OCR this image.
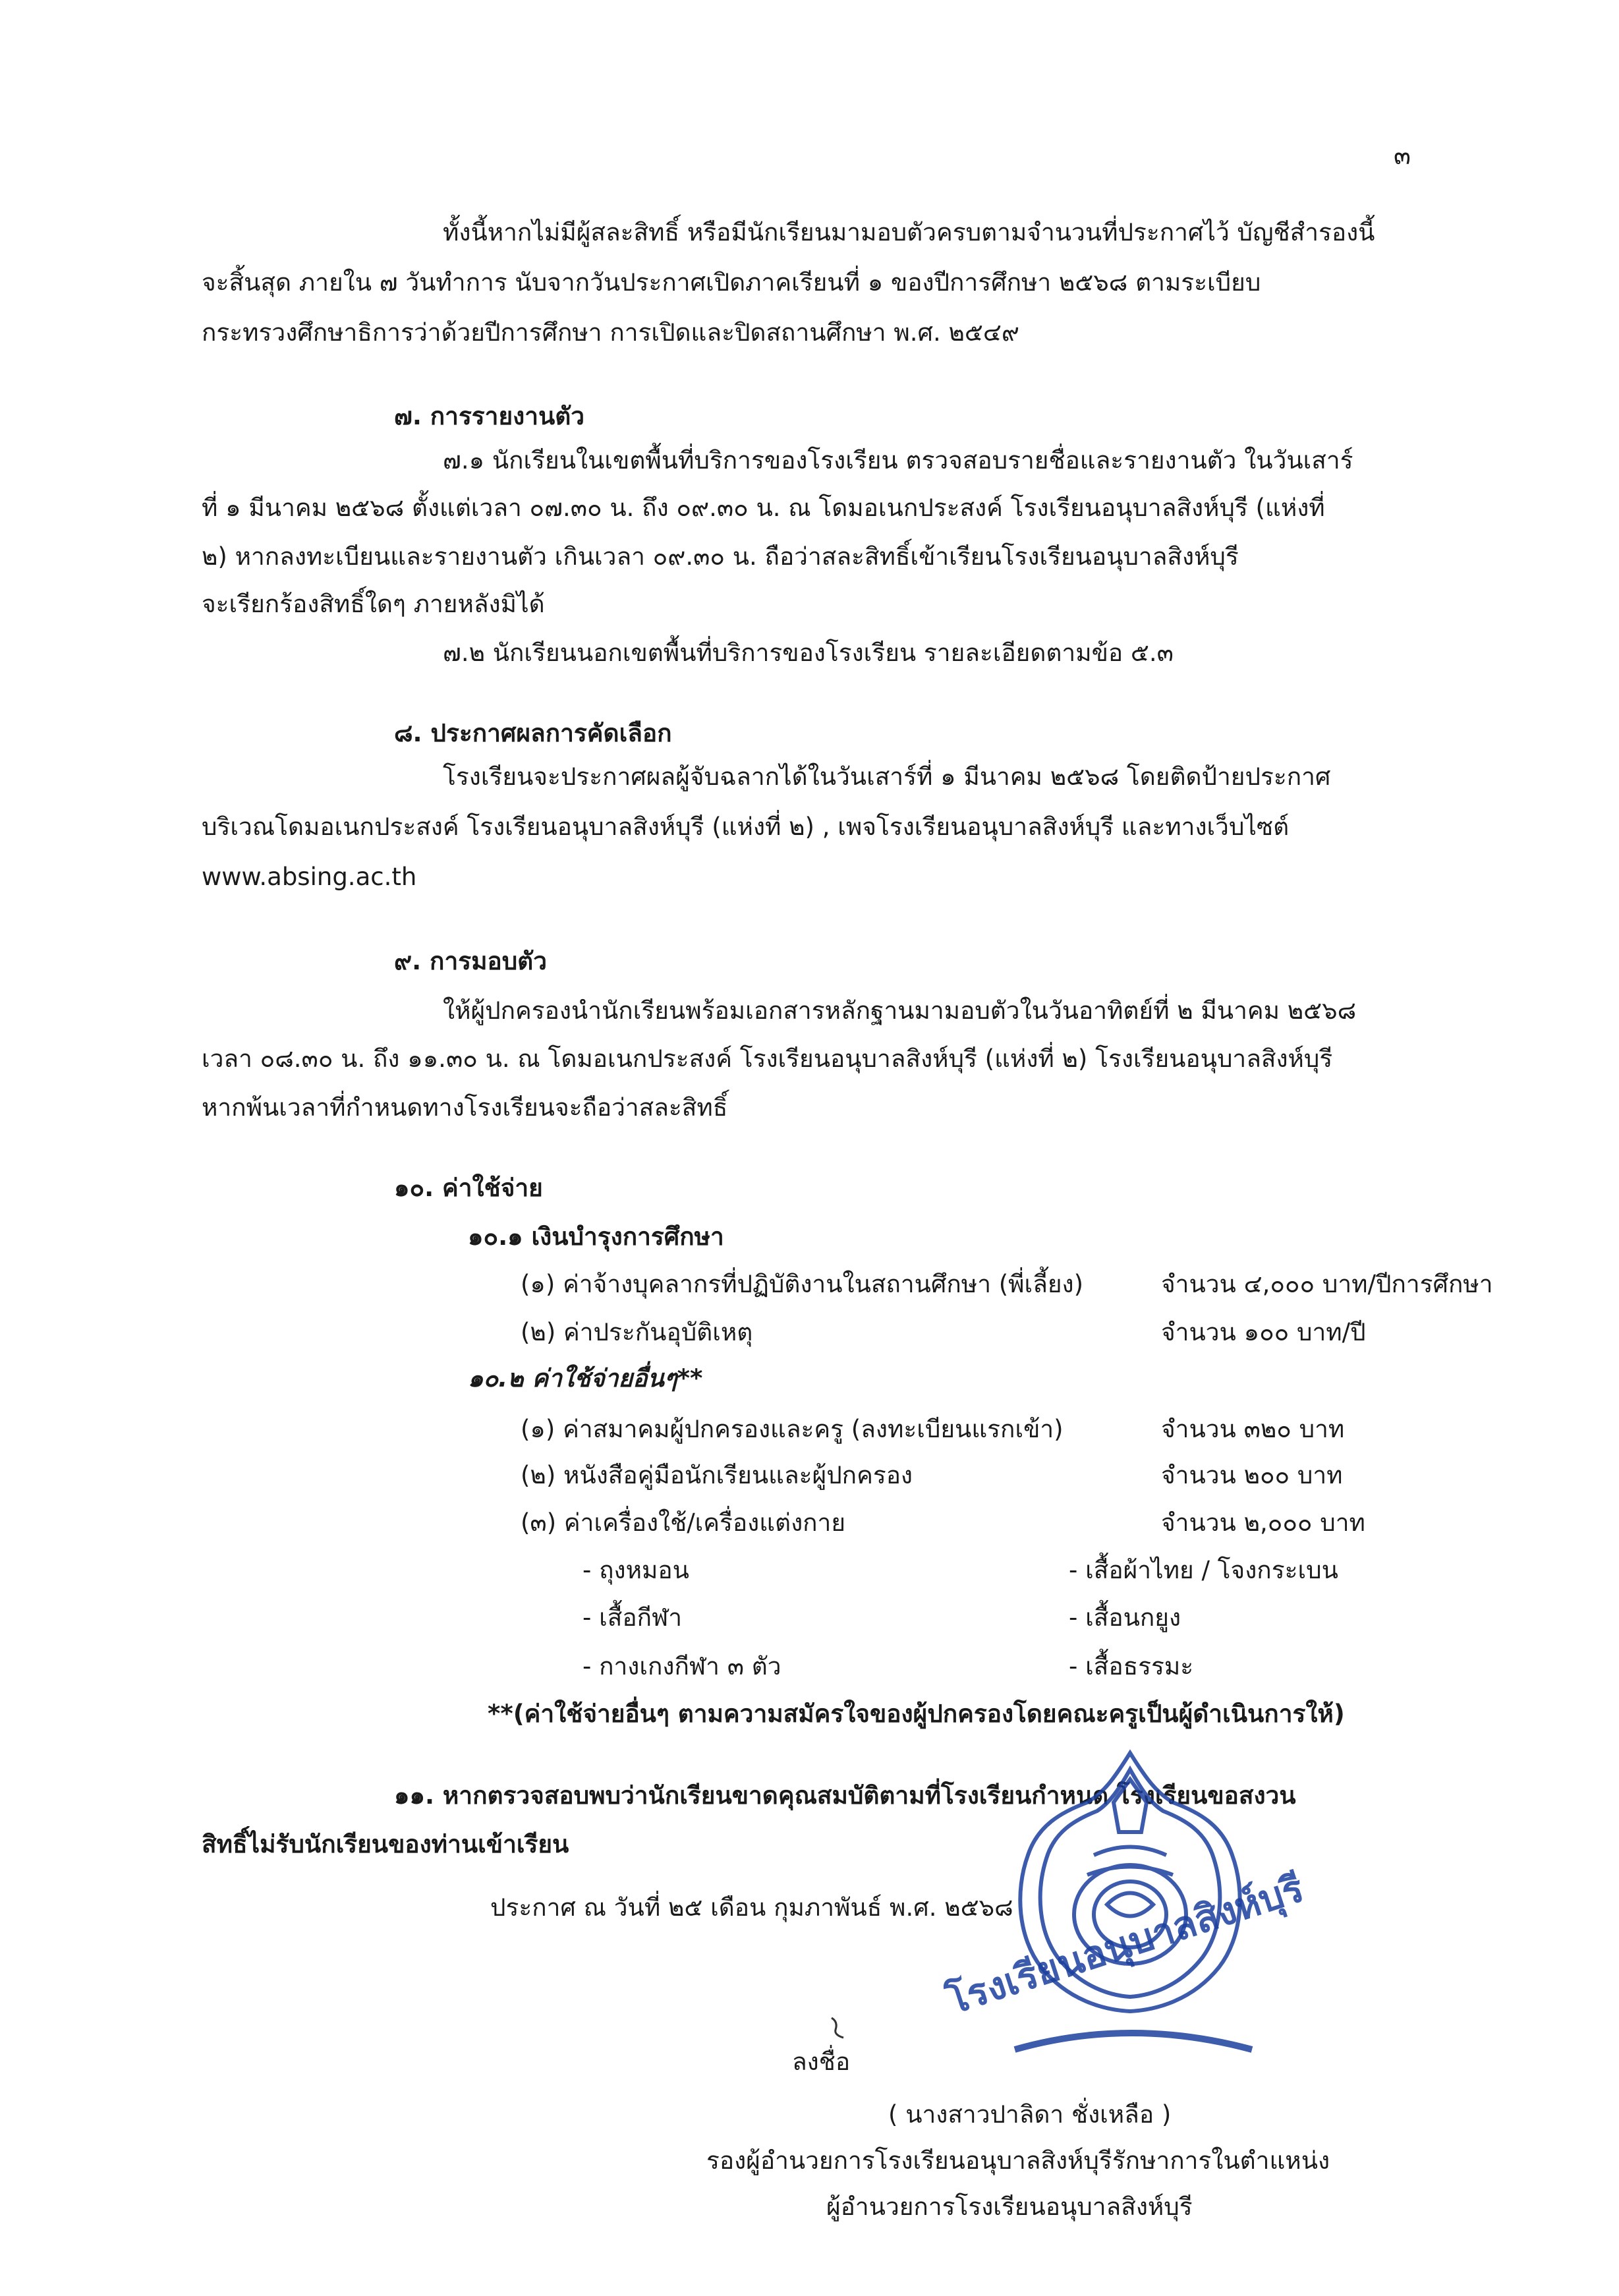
๓
ทั้งนี้หากไม่มีผู้สละสิทธิ์ หรือมีนักเรียนมามอบตัวครบตามจำนวนที่ประกาศไว้ บัญชีสำรองนี้
จะสิ้นสุด ภายใน ๗ วันทำการ นับจากวันประกาศเปิดภาคเรียนที่ ๑ ของปีการศึกษา ๒๕๖๘ ตามระเบียบ
กระทรวงศึกษาธิการว่าด้วยปีการศึกษา การเปิดและปิดสถานศึกษา พ.ศ. ๒๕๔๙
๗. การรายงานตัว
๗.๑ นักเรียนในเขตพื้นที่บริการของโรงเรียน ตรวจสอบรายชื่อและรายงานตัว ในวันเสาร์
ที่ ๑ มีนาคม ๒๕๖๘ ตั้งแต่เวลา ๐๗.๓๐ น. ถึง ๐๙.๓๐ น. ณ โดมอเนกประสงค์ โรงเรียนอนุบาลสิงห์บุรี (แห่งที่
๒) หากลงทะเบียนและรายงานตัว เกินเวลา ๐๙.๓๐ น. ถือว่าสละสิทธิ์เข้าเรียนโรงเรียนอนุบาลสิงห์บุรี
จะเรียกร้องสิทธิ์ใดๆ ภายหลังมิได้
๗.๒ นักเรียนนอกเขตพื้นที่บริการของโรงเรียน รายละเอียดตามข้อ ๕.๓
๘. ประกาศผลการคัดเลือก
โรงเรียนจะประกาศผลผู้จับฉลากได้ในวันเสาร์ที่ ๑ มีนาคม ๒๕๖๘ โดยติดป้ายประกาศ
บริเวณโดมอเนกประสงค์ โรงเรียนอนุบาลสิงห์บุรี (แห่งที่ ๒) , เพจโรงเรียนอนุบาลสิงห์บุรี และทางเว็บไซต์
www.absing.ac.th
๙. การมอบตัว
ให้ผู้ปกครองนำนักเรียนพร้อมเอกสารหลักฐานมามอบตัวในวันอาทิตย์ที่ ๒ มีนาคม ๒๕๖๘
เวลา ๐๘.๓๐ น. ถึง ๑๑.๓๐ น. ณ โดมอเนกประสงค์ โรงเรียนอนุบาลสิงห์บุรี (แห่งที่ ๒) โรงเรียนอนุบาลสิงห์บุรี
หากพ้นเวลาที่กำหนดทางโรงเรียนจะถือว่าสละสิทธิ์
๑๐. ค่าใช้จ่าย
๑๐.๑ เงินบำรุงการศึกษา
(๑) ค่าจ้างบุคลากรที่ปฏิบัติงานในสถานศึกษา (พี่เลี้ยง)	จำนวน ๔,๐๐๐ บาท/ปีการศึกษา
(๒) ค่าประกันอุบัติเหตุ	จำนวน ๑๐๐ บาท/ปี
๑๐.๒ ค่าใช้จ่ายอื่นๆ**
(๑) ค่าสมาคมผู้ปกครองและครู (ลงทะเบียนแรกเข้า)	จำนวน ๓๒๐ บาท
(๒) หนังสือคู่มือนักเรียนและผู้ปกครอง	จำนวน ๒๐๐ บาท
(๓) ค่าเครื่องใช้/เครื่องแต่งกาย	จำนวน ๒,๐๐๐ บาท
- ถุงหมอน	- เสื้อผ้าไทย / โจงกระเบน
- เสื้อกีฬา	- เสื้อนกยูง
- กางเกงกีฬา ๓ ตัว	- เสื้อธรรมะ
**(ค่าใช้จ่ายอื่นๆ ตามความสมัครใจของผู้ปกครองโดยคณะครูเป็นผู้ดำเนินการให้)
๑๑. หากตรวจสอบพบว่านักเรียนขาดคุณสมบัติตามที่โรงเรียนกำหนด โรงเรียนขอสงวน
สิทธิ์ไม่รับนักเรียนของท่านเข้าเรียน
ประกาศ ณ วันที่ ๒๕ เดือน กุมภาพันธ์ พ.ศ. ๒๕๖๘
โรงเรียนอนุบาลสิงห์บุรี
ลงชื่อ
( นางสาวปาลิดา ชั่งเหลือ )
รองผู้อำนวยการโรงเรียนอนุบาลสิงห์บุรีรักษาการในตำแหน่ง
ผู้อำนวยการโรงเรียนอนุบาลสิงห์บุรี
